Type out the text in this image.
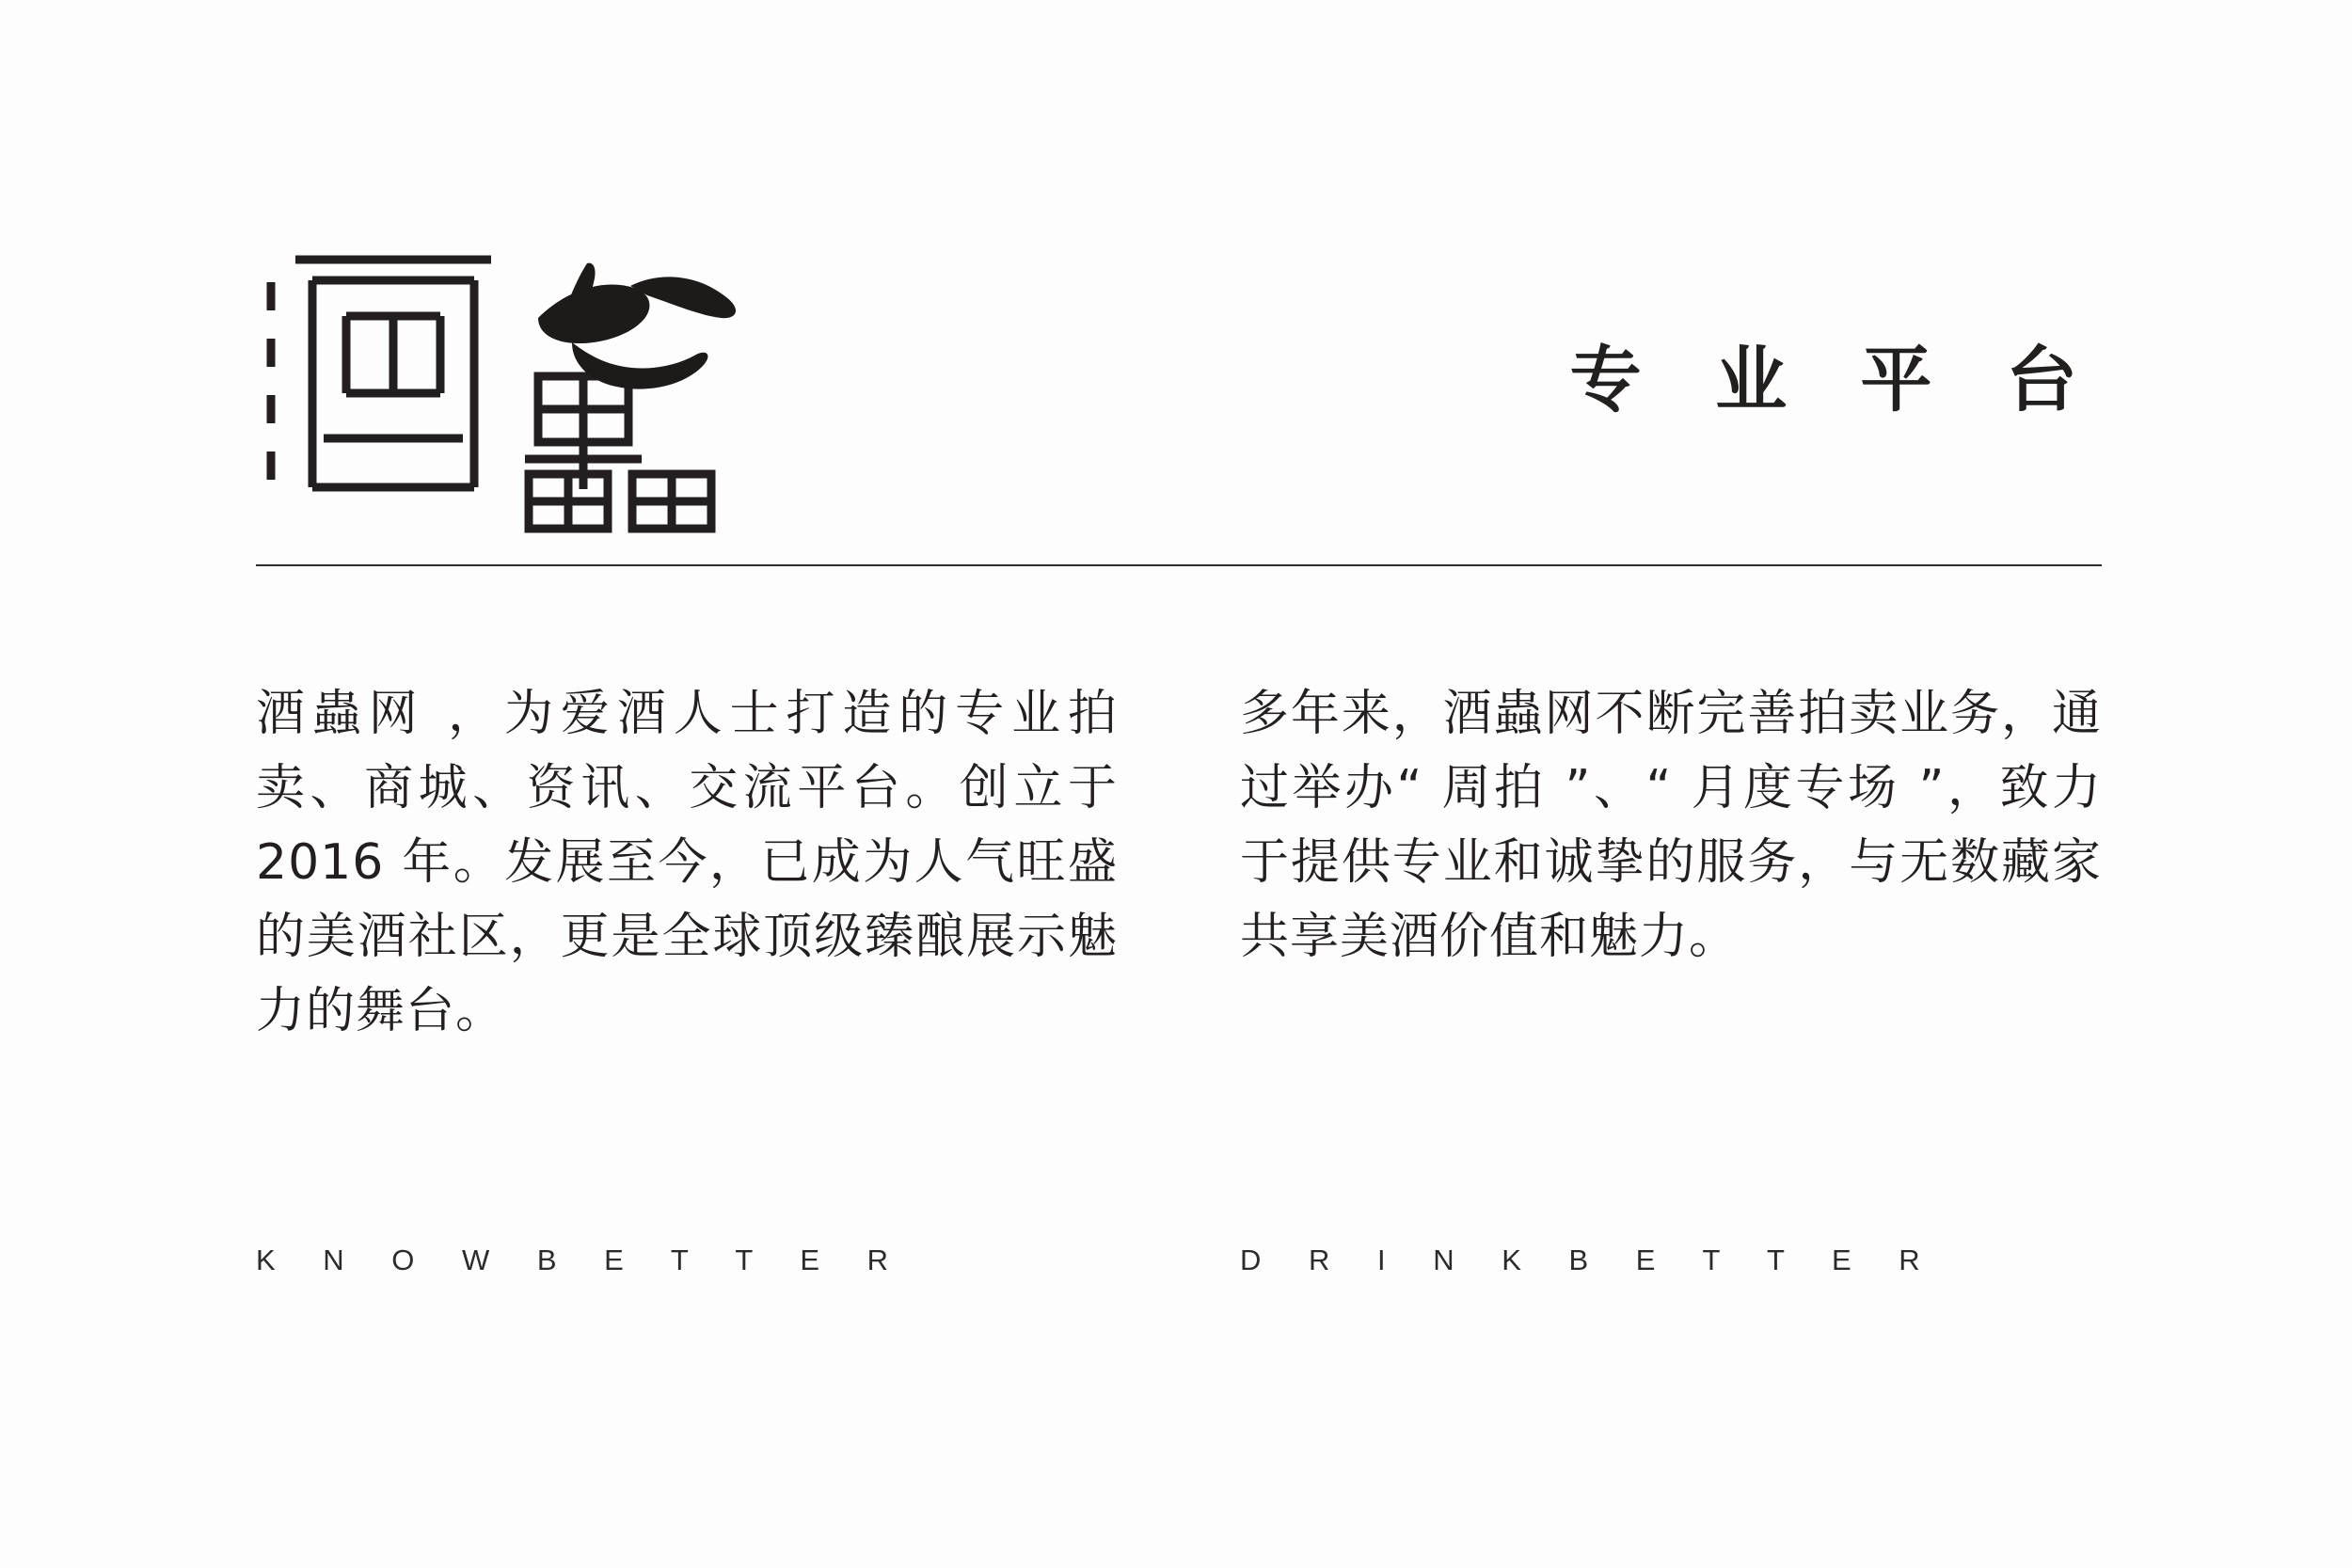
专 业 平 台

酒蟲网 ，为爱酒人士打造的专业拍卖、商城、资讯、交流平台。创立于 2016 年。发展至今，已成为人气旺盛的美酒社区，更是全球顶级臻酿展示魅力的舞台。

多年来，酒蟲网不断完善拍卖业务，通过举办“ 周拍 ”、“ 月度专场 ”，致力于提供专业和诚挚的服务，与无数藏家共享美酒价值和魅力。

K N O W B E T T E R	D R I N K B E T T E R
